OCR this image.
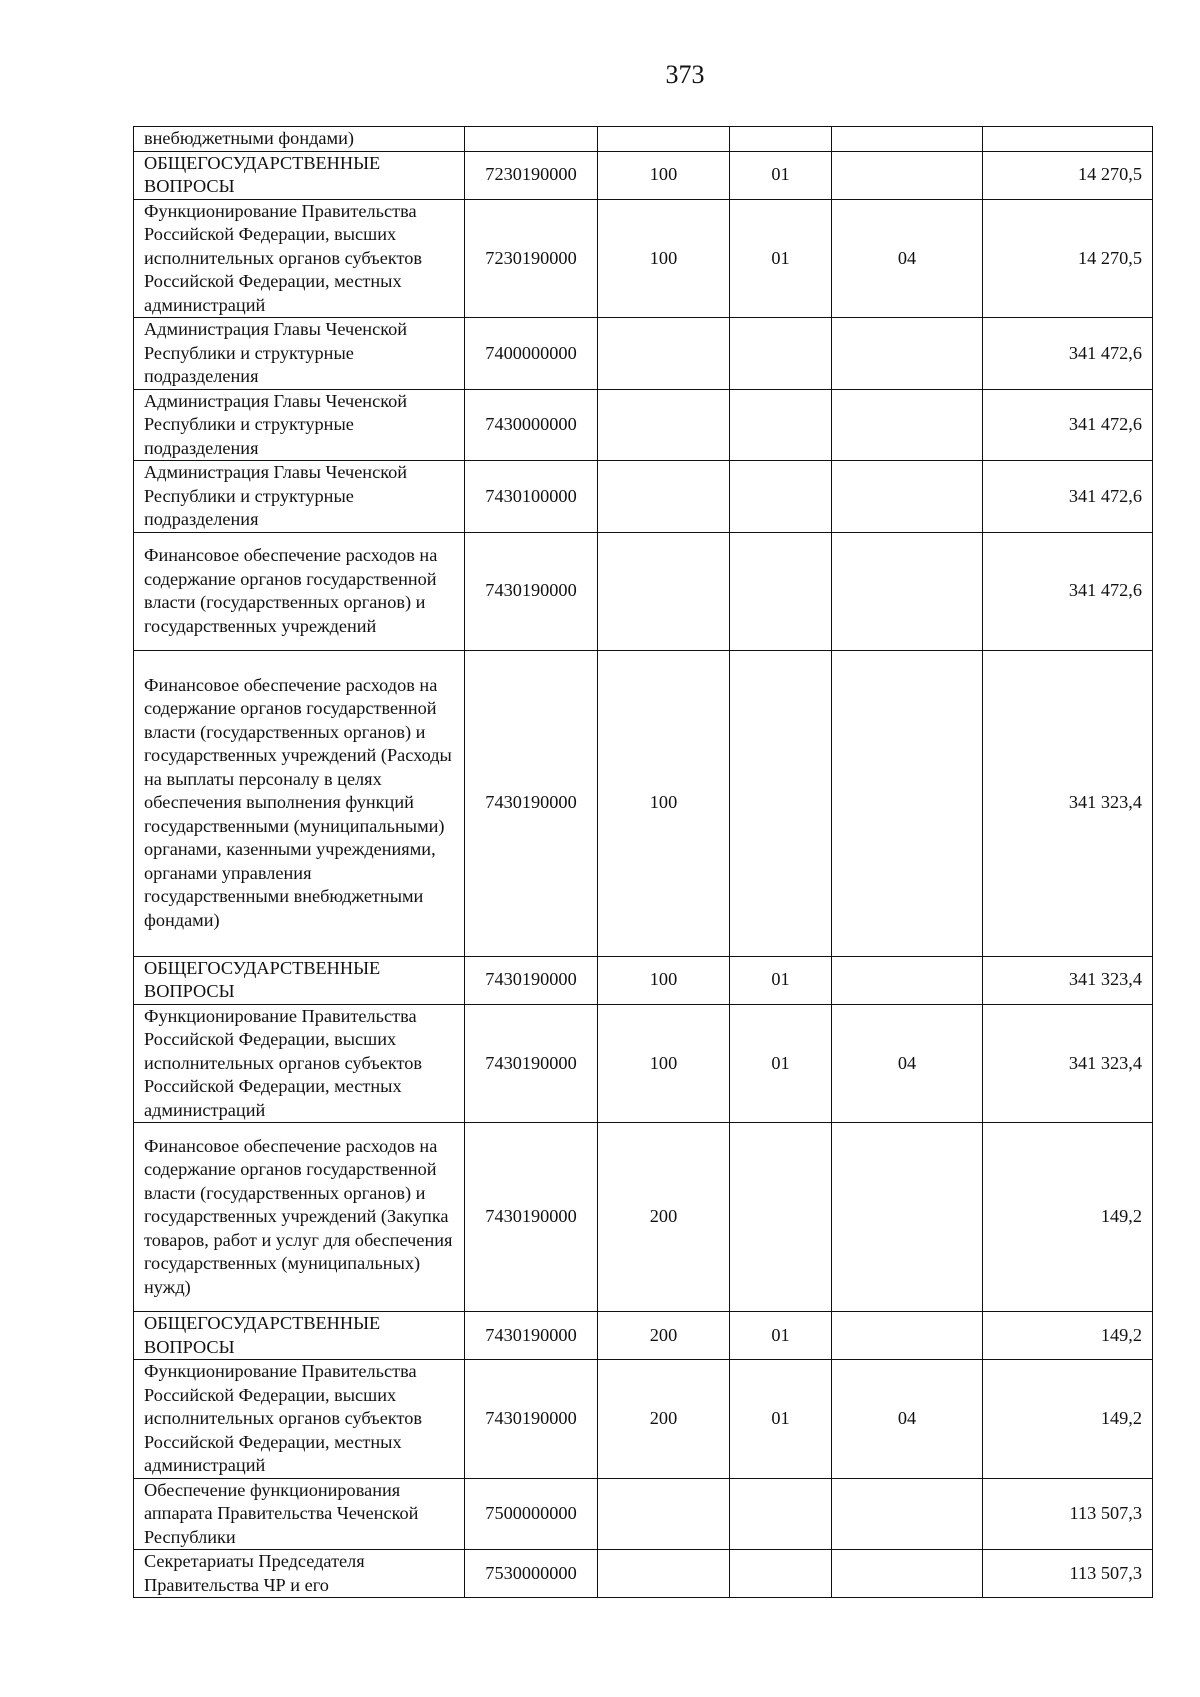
373
внебюджетными фондами)					
ОБЩЕГОСУДАРСТВЕННЫЕ ВОПРОСЫ	7230190000	100	01		14 270,5
Функционирование Правительства Российской Федерации, высших исполнительных органов субъектов Российской Федерации, местных администраций	7230190000	100	01	04	14 270,5
Администрация Главы Чеченской Республики и структурные подразделения	7400000000				341 472,6
Администрация Главы Чеченской Республики и структурные подразделения	7430000000				341 472,6
Администрация Главы Чеченской Республики и структурные подразделения	7430100000				341 472,6
Финансовое обеспечение расходов на содержание органов государственной власти (государственных органов) и государственных учреждений	7430190000				341 472,6
Финансовое обеспечение расходов на содержание органов государственной власти (государственных органов) и государственных учреждений (Расходы на выплаты персоналу в целях обеспечения выполнения функций государственными (муниципальными) органами, казенными учреждениями, органами управления государственными внебюджетными фондами)	7430190000	100			341 323,4
ОБЩЕГОСУДАРСТВЕННЫЕ ВОПРОСЫ	7430190000	100	01		341 323,4
Функционирование Правительства Российской Федерации, высших исполнительных органов субъектов Российской Федерации, местных администраций	7430190000	100	01	04	341 323,4
Финансовое обеспечение расходов на содержание органов государственной власти (государственных органов) и государственных учреждений (Закупка товаров, работ и услуг для обеспечения государственных (муниципальных) нужд)	7430190000	200			149,2
ОБЩЕГОСУДАРСТВЕННЫЕ ВОПРОСЫ	7430190000	200	01		149,2
Функционирование Правительства Российской Федерации, высших исполнительных органов субъектов Российской Федерации, местных администраций	7430190000	200	01	04	149,2
Обеспечение функционирования аппарата Правительства Чеченской Республики	7500000000				113 507,3
Секретариаты Председателя Правительства ЧР и его	7530000000				113 507,3
